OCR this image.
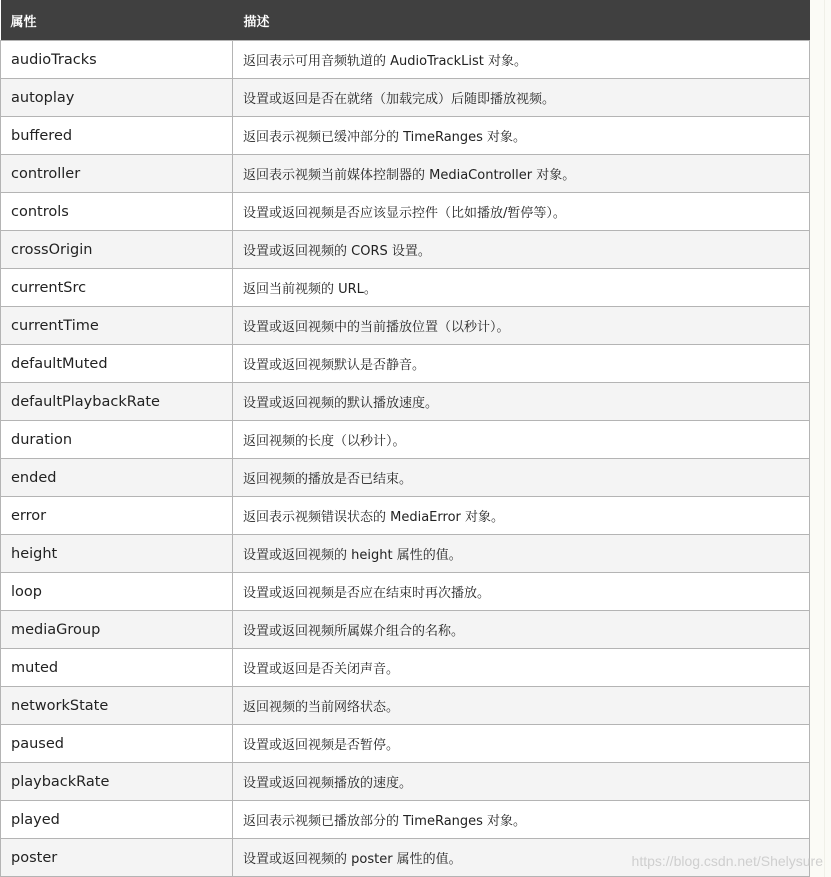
属性	描述
audioTracks	返回表示可用音频轨道的 AudioTrackList 对象。
autoplay	设置或返回是否在就绪（加载完成）后随即播放视频。
buffered	返回表示视频已缓冲部分的 TimeRanges 对象。
controller	返回表示视频当前媒体控制器的 MediaController 对象。
controls	设置或返回视频是否应该显示控件（比如播放/暂停等）。
crossOrigin	设置或返回视频的 CORS 设置。
currentSrc	返回当前视频的 URL。
currentTime	设置或返回视频中的当前播放位置（以秒计）。
defaultMuted	设置或返回视频默认是否静音。
defaultPlaybackRate	设置或返回视频的默认播放速度。
duration	返回视频的长度（以秒计）。
ended	返回视频的播放是否已结束。
error	返回表示视频错误状态的 MediaError 对象。
height	设置或返回视频的 height 属性的值。
loop	设置或返回视频是否应在结束时再次播放。
mediaGroup	设置或返回视频所属媒介组合的名称。
muted	设置或返回是否关闭声音。
networkState	返回视频的当前网络状态。
paused	设置或返回视频是否暂停。
playbackRate	设置或返回视频播放的速度。
played	返回表示视频已播放部分的 TimeRanges 对象。
poster	设置或返回视频的 poster 属性的值。	https://blog.csdn.net/Shelysure
